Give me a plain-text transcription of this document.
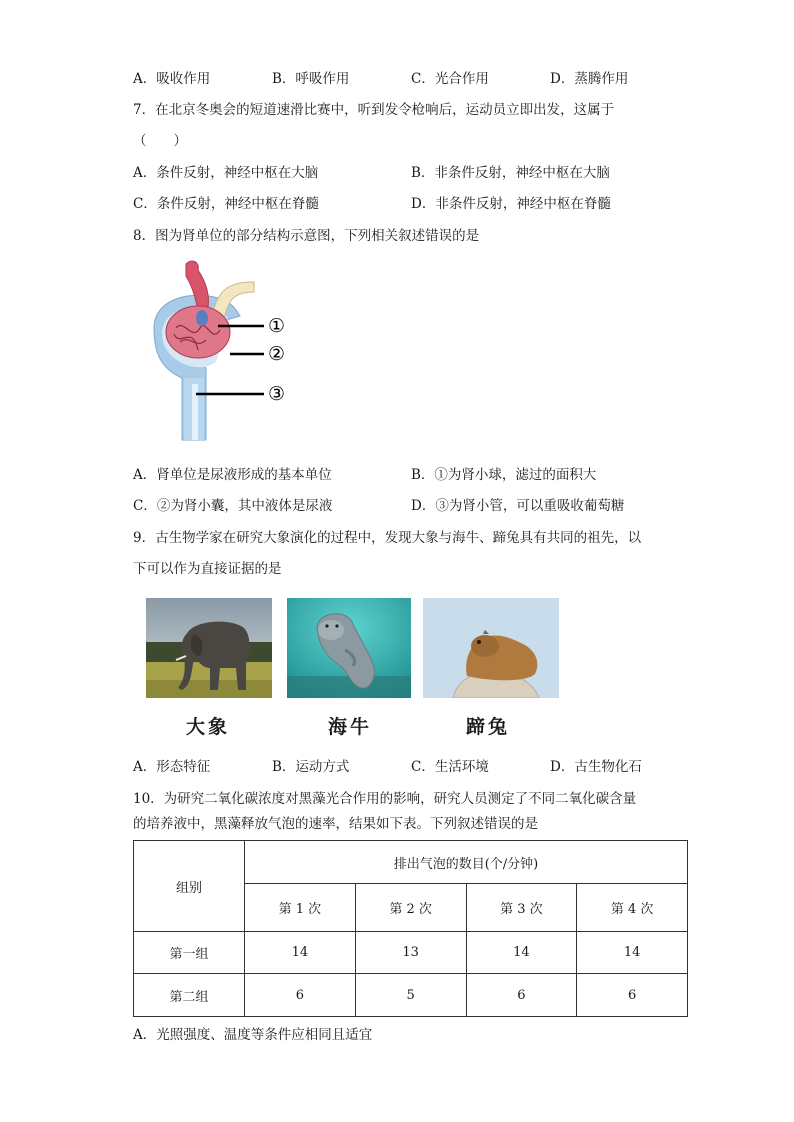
A．吸收作用	B．呼吸作用	C．光合作用	D．蒸腾作用
7．在北京冬奥会的短道速滑比赛中，听到发令枪响后，运动员立即出发，这属于
（　　）
A．条件反射，神经中枢在大脑	B．非条件反射，神经中枢在大脑
C．条件反射，神经中枢在脊髓	D．非条件反射，神经中枢在脊髓
8．图为肾单位的部分结构示意图，下列相关叙述错误的是
①
②
③
A．肾单位是尿液形成的基本单位	B．①为肾小球，滤过的面积大
C．②为肾小囊，其中液体是尿液	D．③为肾小管，可以重吸收葡萄糖
9．古生物学家在研究大象演化的过程中，发现大象与海牛、蹄兔具有共同的祖先，以
下可以作为直接证据的是
大象	海牛	蹄兔
A．形态特征	B．运动方式	C．生活环境	D．古生物化石
10．为研究二氧化碳浓度对黑藻光合作用的影响，研究人员测定了不同二氧化碳含量
的培养液中，黑藻释放气泡的速率，结果如下表。下列叙述错误的是
组别	排出气泡的数目(个/分钟)			
	第 1 次	第 2 次	第 3 次	第 4 次
第一组	14	13	14	14
第二组	6	5	6	6
A．光照强度、温度等条件应相同且适宜
